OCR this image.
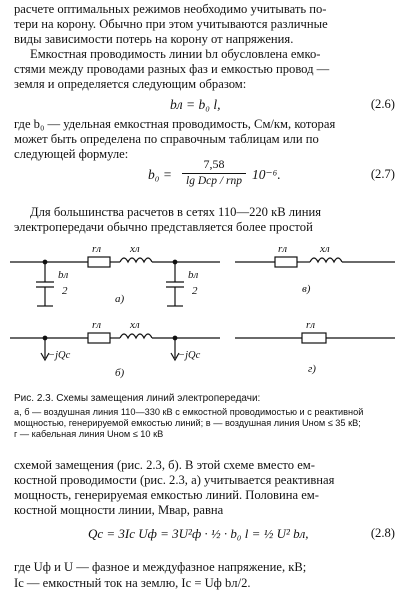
расчете оптимальных режимов необходимо учитывать по-
тери на корону. Обычно при этом учитываются различные
виды зависимости потерь на корону от напряжения.
Емкостная проводимость линии bл обусловлена емко-
стями между проводами разных фаз и емкостью провод —
земля и определяется следующим образом:
bл = b₀ l,	(2.6)
где b₀ — удельная емкостная проводимость, См/км, которая
может быть определена по справочным таблицам или по
следующей формуле:
b₀ =
7,58
lg Dср / rпр 10⁻⁶.	(2.7)
Для большинства расчетов в сетях 110—220 кВ линия
электропередачи обычно представляется более простой
rл	xл
bл
2
bл
2
а)
rл	xл
в)
rл	xл
−jQc	−jQc
б)
rл
г)
Рис. 2.3. Схемы замещения линий электропередачи:
а, б — воздушная линия 110—330 кВ с емкостной проводимостью и с реактивной
мощностью, генерируемой емкостью линий; в — воздушная линия Uном ≤ 35 кВ;
г — кабельная линия Uном ≤ 10 кВ
схемой замещения (рис. 2.3, б). В этой схеме вместо ем-
костной проводимости (рис. 2.3, а) учитывается реактивная
мощность, генерируемая емкостью линий. Половина ем-
костной мощности линии, Мвар, равна
Qc = 3Ic Uф = 3U²ф · ½ · b₀ l = ½ U² bл,	(2.8)
где Uф и U — фазное и междуфазное напряжение, кВ;
Ic — емкостный ток на землю, Ic = Uф bл/2.
